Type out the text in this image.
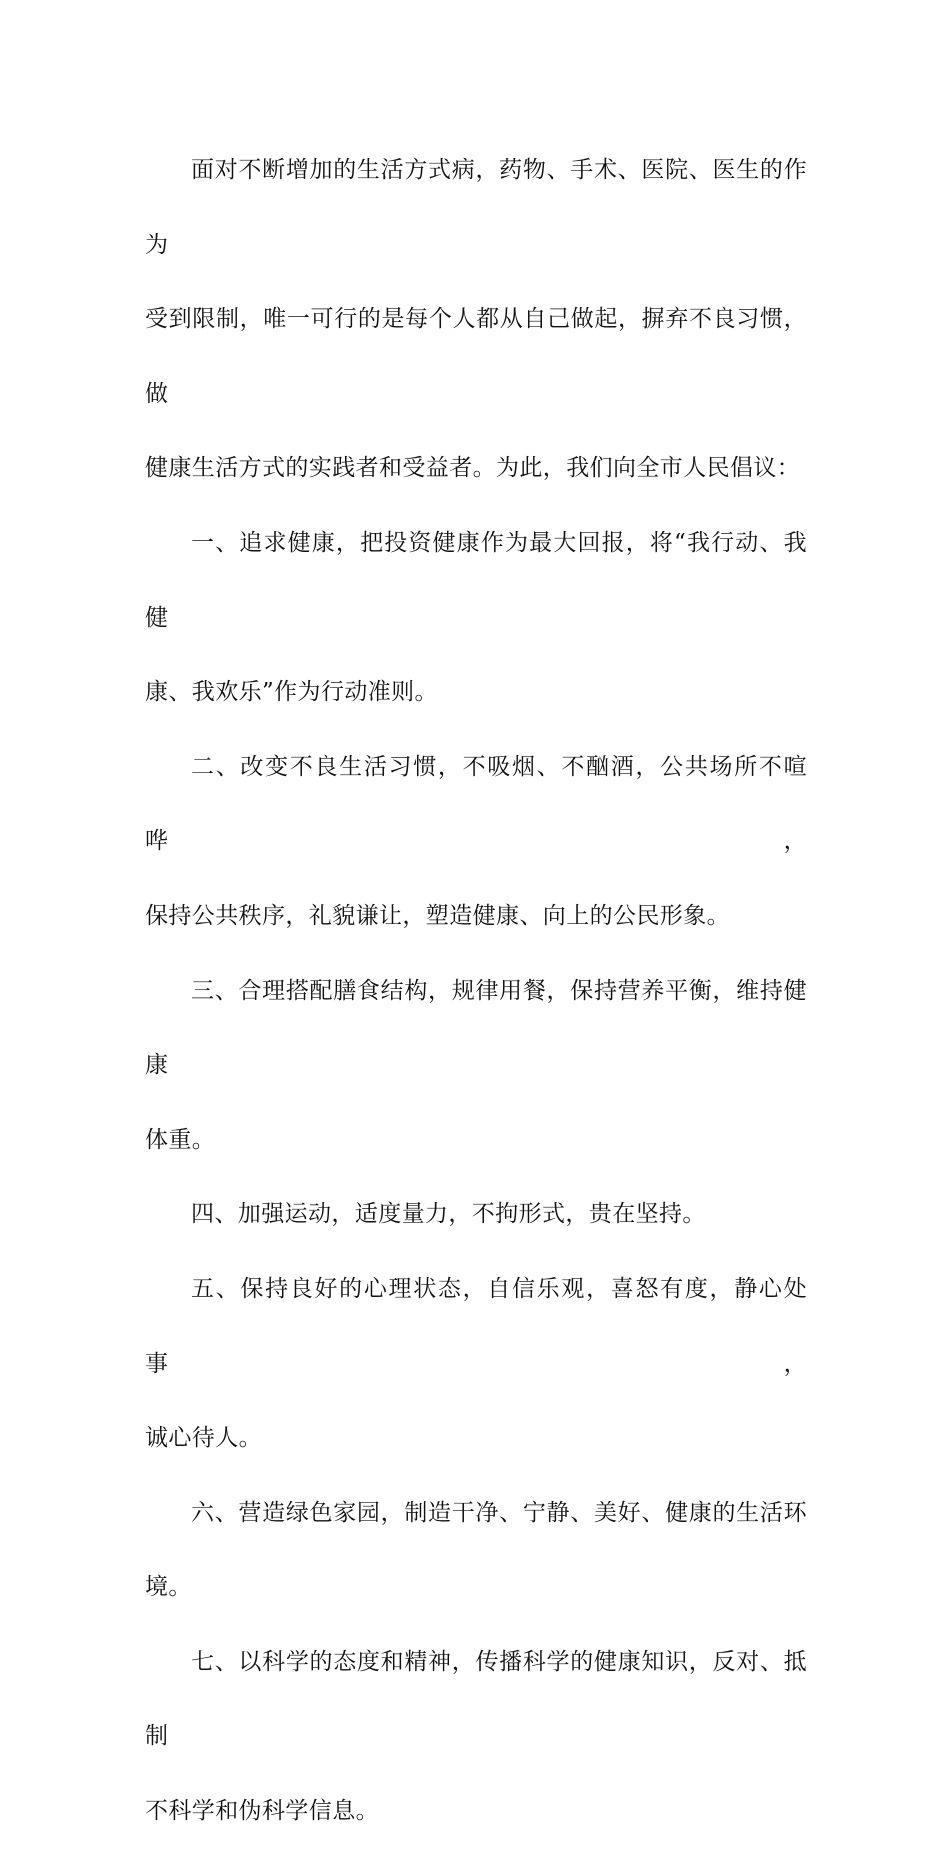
面对不断增加的生活方式病，药物、手术、医院、医生的作为
受到限制，唯一可行的是每个人都从自己做起，摒弃不良习惯，做
健康生活方式的实践者和受益者。为此，我们向全市人民倡议：

一、追求健康，把投资健康作为最大回报，将“我行动、我健
康、我欢乐”作为行动准则。

二、改变不良生活习惯，不吸烟、不酗酒，公共场所不喧哗，
保持公共秩序，礼貌谦让，塑造健康、向上的公民形象。

三、合理搭配膳食结构，规律用餐，保持营养平衡，维持健康
体重。

四、加强运动，适度量力，不拘形式，贵在坚持。

五、保持良好的心理状态，自信乐观，喜怒有度，静心处事，
诚心待人。

六、营造绿色家园，制造干净、宁静、美好、健康的生活环境。

七、以科学的态度和精神，传播科学的健康知识，反对、抵制
不科学和伪科学信息。
